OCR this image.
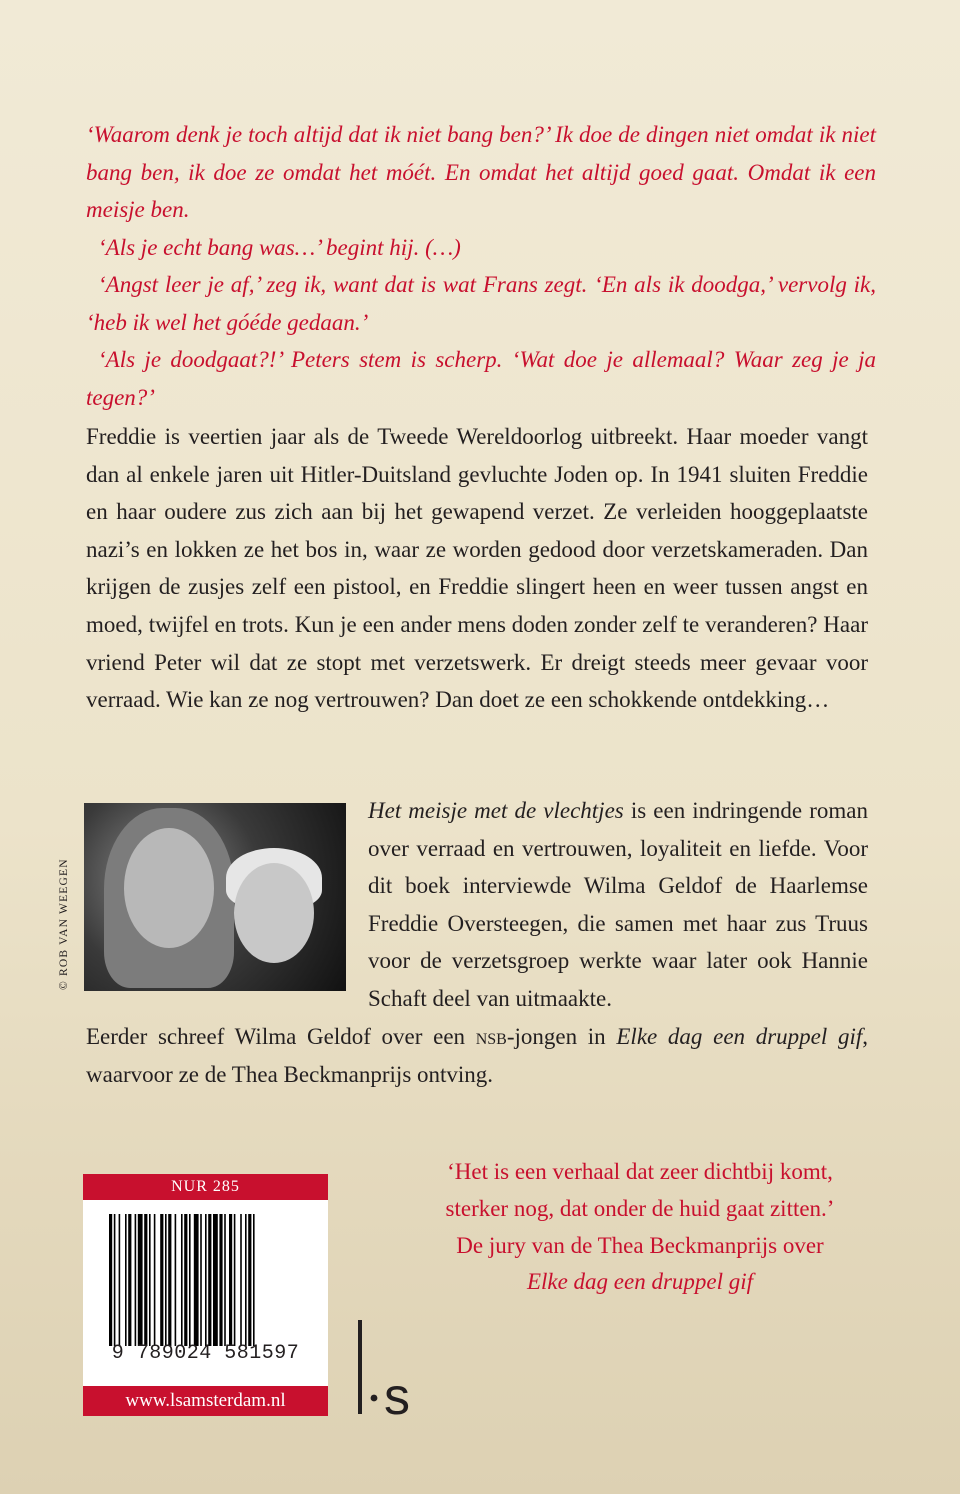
‘Waarom denk je toch altijd dat ik niet bang ben?’ Ik doe de dingen niet omdat ik niet bang ben, ik doe ze omdat het móét. En omdat het altijd goed gaat. Omdat ik een meisje ben.

‘Als je echt bang was…’ begint hij. (…)

‘Angst leer je af,’ zeg ik, want dat is wat Frans zegt. ‘En als ik doodga,’ vervolg ik, ‘heb ik wel het góéde gedaan.’

‘Als je doodgaat?!’ Peters stem is scherp. ‘Wat doe je allemaal? Waar zeg je ja tegen?’

Freddie is veertien jaar als de Tweede Wereldoorlog uitbreekt. Haar moeder vangt dan al enkele jaren uit Hitler-Duitsland gevluchte Joden op. In 1941 sluiten Freddie en haar oudere zus zich aan bij het gewapend verzet. Ze verleiden hooggeplaatste nazi’s en lokken ze het bos in, waar ze worden gedood door verzetskameraden. Dan krijgen de zusjes zelf een pistool, en Freddie slingert heen en weer tussen angst en moed, twijfel en trots. Kun je een ander mens doden zonder zelf te veranderen? Haar vriend Peter wil dat ze stopt met verzetswerk. Er dreigt steeds meer gevaar voor verraad. Wie kan ze nog vertrouwen? Dan doet ze een schokkende ontdekking…

© ROB VAN WEEGEN

Het meisje met de vlechtjes is een indringende roman over verraad en vertrouwen, loyaliteit en liefde. Voor dit boek interviewde Wilma Geldof de Haarlemse Freddie Oversteegen, die samen met haar zus Truus voor de verzetsgroep werkte waar later ook Hannie Schaft deel van uitmaakte.

Eerder schreef Wilma Geldof over een nsb-jongen in Elke dag een druppel gif, waarvoor ze de Thea Beckmanprijs ontving.

NUR 285
9 789024 581597
www.lsamsterdam.nl	s

‘Het is een verhaal dat zeer dichtbij komt,
sterker nog, dat onder de huid gaat zitten.’
De jury van de Thea Beckmanprijs over
Elke dag een druppel gif
